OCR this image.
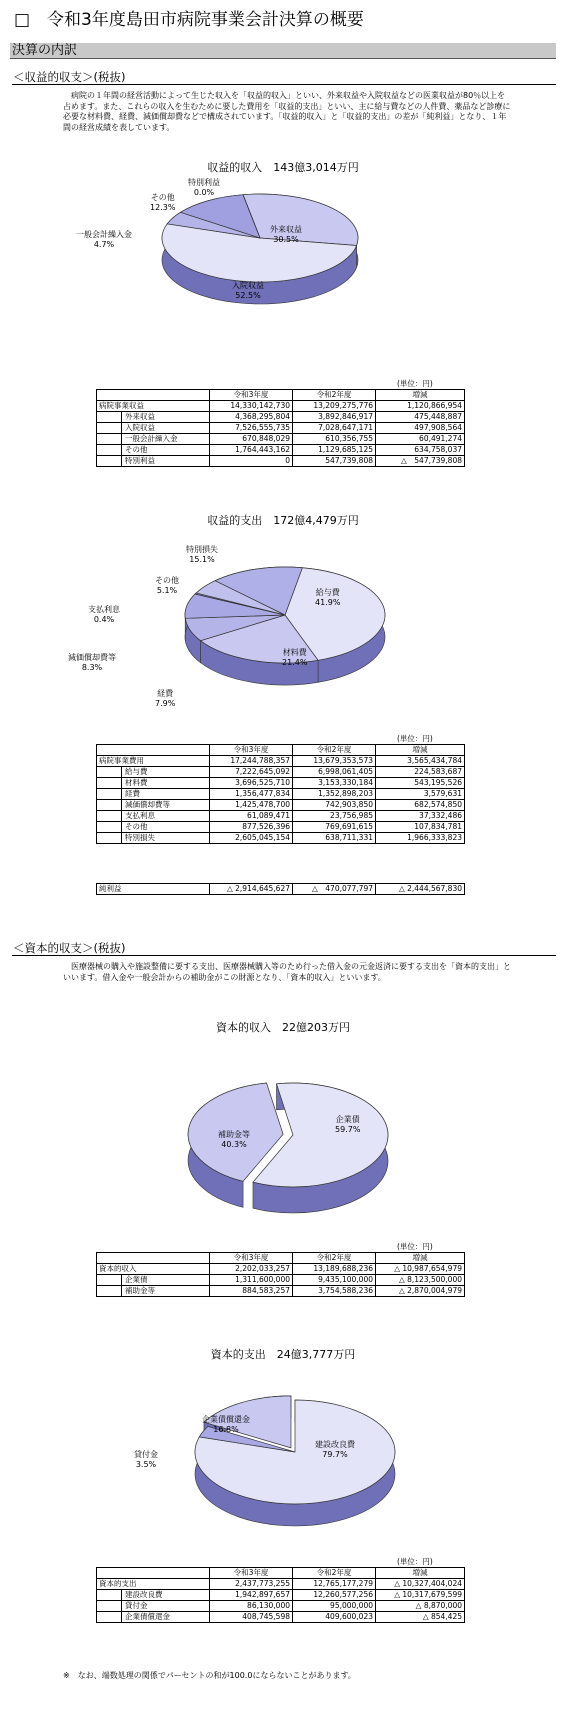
□　令和3年度島田市病院事業会計決算の概要
決算の内訳
＜収益的収支＞(税抜)
病院の１年間の経営活動によって生じた収入を「収益的収入」といい、外来収益や入院収益などの医業収益が80％以上を占めます。また、これらの収入を生むために要した費用を「収益的支出」といい、主に給与費などの人件費、薬品など診療に必要な材料費、経費、減価償却費などで構成されています。「収益的収入」と「収益的支出」の差が「純利益」となり、１年間の経営成績を表しています。
収益的収入　143億3,014万円
外来収益
30.5%
入院収益
52.5%
一般会計繰入金
4.7%
その他
12.3%
特別利益
0.0%
(単位：円)
	令和3年度	令和2年度	増減
病院事業収益	14,330,142,730	13,209,275,776	1,120,866,954

外来収益	4,368,295,804	3,892,846,917	475,448,887

入院収益	7,526,555,735	7,028,647,171	497,908,564

一般会計繰入金	670,848,029	610,356,755	60,491,274

その他	1,764,443,162	1,129,685,125	634,758,037

特別利益	0	547,739,808	△　547,739,808
収益的支出　172億4,479万円
給与費
41.9%
材料費
21.4%
経費
7.9%
減価償却費等
8.3%
支払利息
0.4%
その他
5.1%
特別損失
15.1%
(単位：円)
	令和3年度	令和2年度	増減
病院事業費用	17,244,788,357	13,679,353,573	3,565,434,784

給与費	7,222,645,092	6,998,061,405	224,583,687

材料費	3,696,525,710	3,153,330,184	543,195,526

経費	1,356,477,834	1,352,898,203	3,579,631

減価償却費等	1,425,478,700	742,903,850	682,574,850

支払利息	61,089,471	23,756,985	37,332,486

その他	877,526,396	769,691,615	107,834,781

特別損失	2,605,045,154	638,711,331	1,966,333,823
純利益	△ 2,914,645,627	△　470,077,797	△ 2,444,567,830
＜資本的収支＞(税抜)
医療器械の購入や施設整備に要する支出、医療器械購入等のため行った借入金の元金返済に要する支出を「資本的支出」といいます。借入金や一般会計からの補助金がこの財源となり、「資本的収入」といいます。
資本的収入　22億203万円
企業債
59.7%
補助金等
40.3%
(単位：円)
	令和3年度	令和2年度	増減
資本的収入	2,202,033,257	13,189,688,236	△ 10,987,654,979

企業債	1,311,600,000	9,435,100,000	△ 8,123,500,000

補助金等	884,583,257	3,754,588,236	△ 2,870,004,979
資本的支出　24億3,777万円
建設改良費
79.7%
貸付金
3.5%
企業債償還金
16.8%
(単位：円)
	令和3年度	令和2年度	増減
資本的支出	2,437,773,255	12,765,177,279	△ 10,327,404,024

建設改良費	1,942,897,657	12,260,577,256	△ 10,317,679,599

貸付金	86,130,000	95,000,000	△ 8,870,000

企業債償還金	408,745,598	409,600,023	△ 854,425
※　なお、端数処理の関係でパーセントの和が100.0にならないことがあります。
